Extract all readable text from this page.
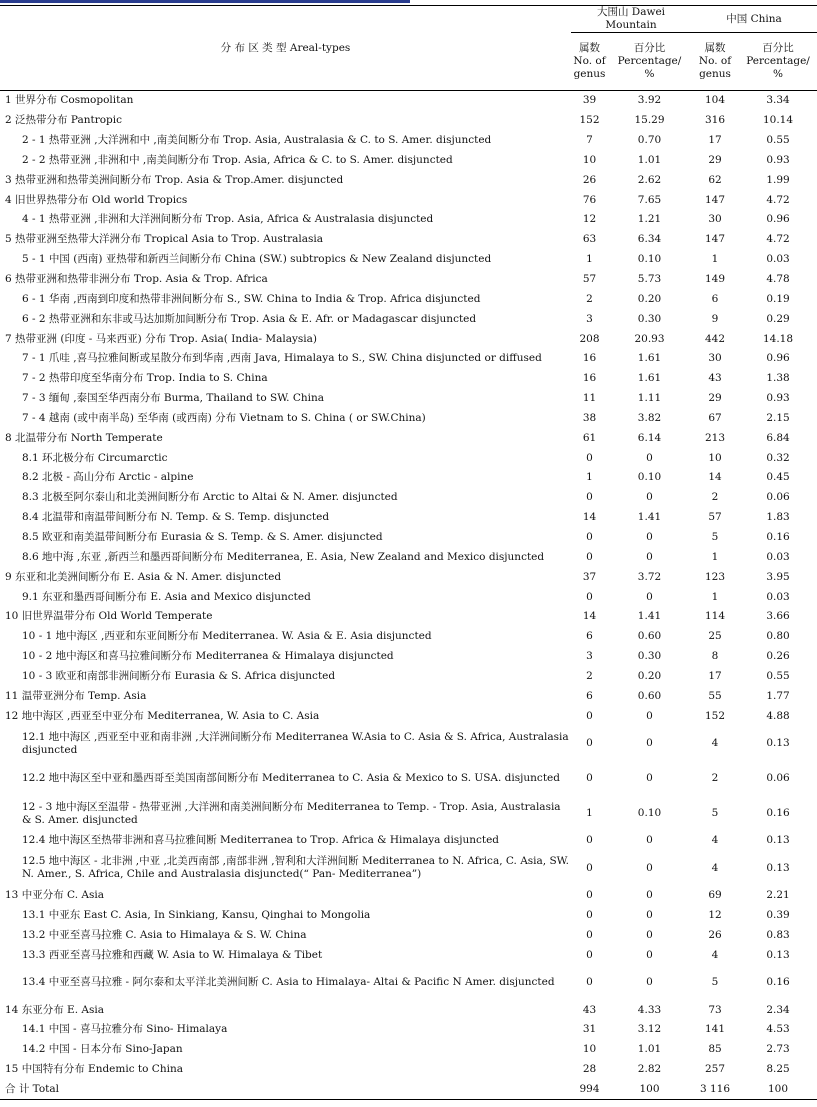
分 布 区 类 型 Areal-types	大围山 Dawei Mountain		中国 China	
	属数
No. of
genus	百分比
Percentage/
%	属数
No. of
genus	百分比
Percentage/
%
1 世界分布 Cosmopolitan	39	3.92	104	3.34
2 泛热带分布 Pantropic	152	15.29	316	10.14
2 - 1 热带亚洲 ,大洋洲和中 ,南美间断分布 Trop. Asia, Australasia & C. to S. Amer. disjuncted	7	0.70	17	0.55
2 - 2 热带亚洲 ,非洲和中 ,南美间断分布 Trop. Asia, Africa & C. to S. Amer. disjuncted	10	1.01	29	0.93
3 热带亚洲和热带美洲间断分布 Trop. Asia & Trop.Amer. disjuncted	26	2.62	62	1.99
4 旧世界热带分布 Old world Tropics	76	7.65	147	4.72
4 - 1 热带亚洲 ,非洲和大洋洲间断分布 Trop. Asia, Africa & Australasia disjuncted	12	1.21	30	0.96
5 热带亚洲至热带大洋洲分布 Tropical Asia to Trop. Australasia	63	6.34	147	4.72
5 - 1 中国 (西南) 亚热带和新西兰间断分布 China (SW.) subtropics & New Zealand disjuncted	1	0.10	1	0.03
6 热带亚洲和热带非洲分布 Trop. Asia & Trop. Africa	57	5.73	149	4.78
6 - 1 华南 ,西南到印度和热带非洲间断分布 S., SW. China to India & Trop. Africa disjuncted	2	0.20	6	0.19
6 - 2 热带亚洲和东非或马达加斯加间断分布 Trop. Asia & E. Afr. or Madagascar disjuncted	3	0.30	9	0.29
7 热带亚洲 (印度 - 马来西亚) 分布 Trop. Asia( India- Malaysia)	208	20.93	442	14.18
7 - 1 爪哇 ,喜马拉雅间断或星散分布到华南 ,西南 Java, Himalaya to S., SW. China disjuncted or diffused	16	1.61	30	0.96
7 - 2 热带印度至华南分布 Trop. India to S. China	16	1.61	43	1.38
7 - 3 缅甸 ,泰国至华西南分布 Burma, Thailand to SW. China	11	1.11	29	0.93
7 - 4 越南 (或中南半岛) 至华南 (或西南) 分布 Vietnam to S. China ( or SW.China)	38	3.82	67	2.15
8 北温带分布 North Temperate	61	6.14	213	6.84
8.1 环北极分布 Circumarctic	0	0	10	0.32
8.2 北极 - 高山分布 Arctic - alpine	1	0.10	14	0.45
8.3 北极至阿尔泰山和北美洲间断分布 Arctic to Altai & N. Amer. disjuncted	0	0	2	0.06
8.4 北温带和南温带间断分布 N. Temp. & S. Temp. disjuncted	14	1.41	57	1.83
8.5 欧亚和南美温带间断分布 Eurasia & S. Temp. & S. Amer. disjuncted	0	0	5	0.16
8.6 地中海 ,东亚 ,新西兰和墨西哥间断分布 Mediterranea, E. Asia, New Zealand and Mexico disjuncted	0	0	1	0.03
9 东亚和北美洲间断分布 E. Asia & N. Amer. disjuncted	37	3.72	123	3.95
9.1 东亚和墨西哥间断分布 E. Asia and Mexico disjuncted	0	0	1	0.03
10 旧世界温带分布 Old World Temperate	14	1.41	114	3.66
10 - 1 地中海区 ,西亚和东亚间断分布 Mediterranea. W. Asia & E. Asia disjuncted	6	0.60	25	0.80
10 - 2 地中海区和喜马拉雅间断分布 Mediterranea & Himalaya disjuncted	3	0.30	8	0.26
10 - 3 欧亚和南部非洲间断分布 Eurasia & S. Africa disjuncted	2	0.20	17	0.55
11 温带亚洲分布 Temp. Asia	6	0.60	55	1.77
12 地中海区 ,西亚至中亚分布 Mediterranea, W. Asia to C. Asia	0	0	152	4.88
12.1 地中海区 ,西亚至中亚和南非洲 ,大洋洲间断分布 Mediterranea W.Asia to C. Asia & S. Africa, Australasia disjuncted	0	0	4	0.13
12.2 地中海区至中亚和墨西哥至美国南部间断分布 Mediterranea to C. Asia & Mexico to S. USA. disjuncted	0	0	2	0.06
12 - 3 地中海区至温带 - 热带亚洲 ,大洋洲和南美洲间断分布 Mediterranea to Temp. - Trop. Asia, Australasia & S. Amer. disjuncted	1	0.10	5	0.16
12.4 地中海区至热带非洲和喜马拉雅间断 Mediterranea to Trop. Africa & Himalaya disjuncted	0	0	4	0.13
12.5 地中海区 - 北非洲 ,中亚 ,北美西南部 ,南部非洲 ,智利和大洋洲间断 Mediterranea to N. Africa, C. Asia, SW. N. Amer., S. Africa, Chile and Australasia disjuncted(“ Pan- Mediterranea”)	0	0	4	0.13
13 中亚分布 C. Asia	0	0	69	2.21
13.1 中亚东 East C. Asia, In Sinkiang, Kansu, Qinghai to Mongolia	0	0	12	0.39
13.2 中亚至喜马拉雅 C. Asia to Himalaya & S. W. China	0	0	26	0.83
13.3 西亚至喜马拉雅和西藏 W. Asia to W. Himalaya & Tibet	0	0	4	0.13
13.4 中亚至喜马拉雅 - 阿尔泰和太平洋北美洲间断 C. Asia to Himalaya- Altai & Pacific N Amer. disjuncted	0	0	5	0.16
14 东亚分布 E. Asia	43	4.33	73	2.34
14.1 中国 - 喜马拉雅分布 Sino- Himalaya	31	3.12	141	4.53
14.2 中国 - 日本分布 Sino-Japan	10	1.01	85	2.73
15 中国特有分布 Endemic to China	28	2.82	257	8.25
合 计 Total	994	100	3 116	100
